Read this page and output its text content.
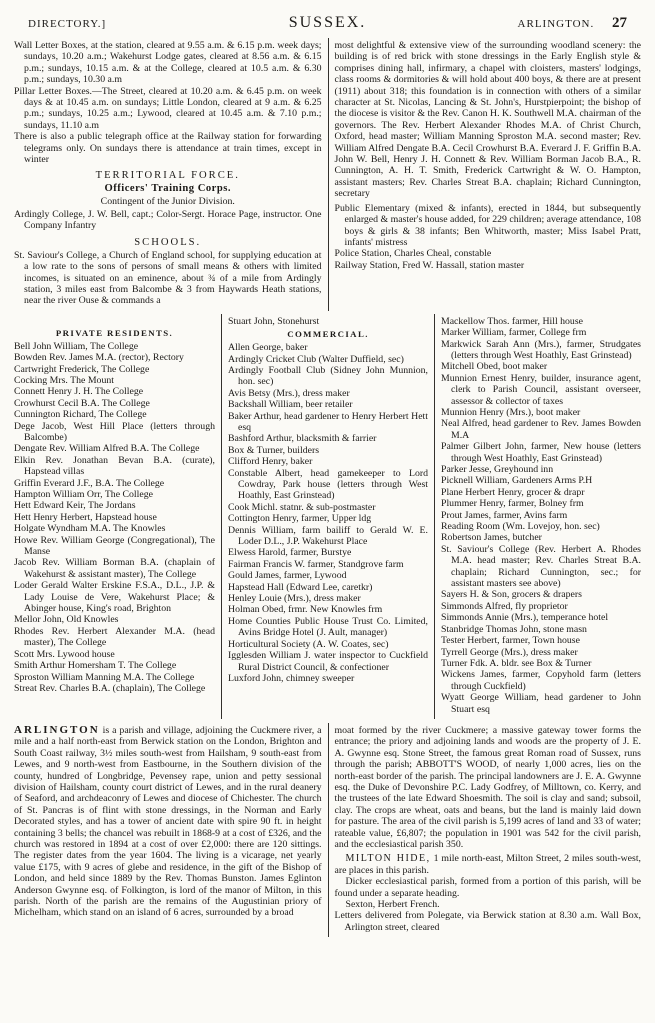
DIRECTORY.]	SUSSEX.	ARLINGTON. 27

Wall Letter Boxes, at the station, cleared at 9.55 a.m. & 6.15 p.m. week days; sundays, 10.20 a.m.; Wakehurst Lodge gates, cleared at 8.56 a.m. & 6.15 p.m.; sundays, 10.15 a.m. & at the College, cleared at 10.5 a.m. & 6.30 p.m.; sundays, 10.30 a.m

Pillar Letter Boxes.—The Street, cleared at 10.20 a.m. & 6.45 p.m. on week days & at 10.45 a.m. on sundays; Little London, cleared at 9 a.m. & 6.25 p.m.; sundays, 10.25 a.m.; Lywood, cleared at 10.45 a.m. & 7.10 p.m.; sundays, 11.10 a.m

There is also a public telegraph office at the Railway station for forwarding telegrams only. On sundays there is attendance at train times, except in winter

TERRITORIAL FORCE.
Officers' Training Corps.

Contingent of the Junior Division.

Ardingly College, J. W. Bell, capt.; Color-Sergt. Horace Page, instructor. One Company Infantry

SCHOOLS.

St. Saviour's College, a Church of England school, for supplying education at a low rate to the sons of persons of small means & others with limited incomes, is situated on an eminence, about ¾ of a mile from Ardingly station, 3 miles east from Balcombe & 3 from Haywards Heath stations, near the river Ouse & commands a

most delightful & extensive view of the surrounding woodland scenery: the building is of red brick with stone dressings in the Early English style & comprises dining hall, infirmary, a chapel with cloisters, masters' lodgings, class rooms & dormitories & will hold about 400 boys, & there are at present (1911) about 318; this foundation is in connection with others of a similar character at St. Nicolas, Lancing & St. John's, Hurstpierpoint; the bishop of the diocese is visitor & the Rev. Canon H. K. Southwell M.A. chairman of the governors. The Rev. Herbert Alexander Rhodes M.A. of Christ Church, Oxford, head master; William Manning Sproston M.A. second master; Rev. William Alfred Dengate B.A. Cecil Crowhurst B.A. Everard J. F. Griffin B.A. John W. Bell, Henry J. H. Connett & Rev. William Borman Jacob B.A., R. Cunnington, A. H. T. Smith, Frederick Cartwright & W. O. Hampton, assistant masters; Rev. Charles Streat B.A. chaplain; Richard Cunnington, secretary

Public Elementary (mixed & infants), erected in 1844, but subsequently enlarged & master's house added, for 229 children; average attendance, 108 boys & girls & 38 infants; Ben Whitworth, master; Miss Isabel Pratt, infants' mistress

Police Station, Charles Cheal, constable

Railway Station, Fred W. Hassall, station master

PRIVATE RESIDENTS.

Bell John William, The College

Bowden Rev. James M.A. (rector), Rectory

Cartwright Frederick, The College

Cocking Mrs. The Mount

Connett Henry J. H. The College

Crowhurst Cecil B.A. The College

Cunnington Richard, The College

Dege Jacob, West Hill Place (letters through Balcombe)

Dengate Rev. William Alfred B.A. The College

Elkin Rev. Jonathan Bevan B.A. (curate), Hapstead villas

Griffin Everard J.F., B.A. The College

Hampton William Orr, The College

Hett Edward Keir, The Jordans

Hett Henry Herbert, Hapstead house

Holgate Wyndham M.A. The Knowles

Howe Rev. William George (Congregational), The Manse

Jacob Rev. William Borman B.A. (chaplain of Wakehurst & assistant master), The College

Loder Gerald Walter Erskine F.S.A., D.L., J.P. & Lady Louise de Vere, Wakehurst Place; & Abinger house, King's road, Brighton

Mellor John, Old Knowles

Rhodes Rev. Herbert Alexander M.A. (head master), The College

Scott Mrs. Lywood house

Smith Arthur Homersham T. The College

Sproston William Manning M.A. The College

Streat Rev. Charles B.A. (chaplain), The College

Stuart John, Stonehurst

COMMERCIAL.

Allen George, baker

Ardingly Cricket Club (Walter Duffield, sec)

Ardingly Football Club (Sidney John Munnion, hon. sec)

Avis Betsy (Mrs.), dress maker

Backshall William, beer retailer

Baker Arthur, head gardener to Henry Herbert Hett esq

Bashford Arthur, blacksmith & farrier

Box & Turner, builders

Clifford Henry, baker

Constable Albert, head gamekeeper to Lord Cowdray, Park house (letters through West Hoathly, East Grinstead)

Cook Michl. statnr. & sub-postmaster

Cottington Henry, farmer, Upper ldg

Dennis William, farm bailiff to Gerald W. E. Loder D.L., J.P. Wakehurst Place

Elwess Harold, farmer, Burstye

Fairman Francis W. farmer, Standgrove farm

Gould James, farmer, Lywood

Hapstead Hall (Edward Lee, caretkr)

Henley Louie (Mrs.), dress maker

Holman Obed, frmr. New Knowles frm

Home Counties Public House Trust Co. Limited, Avins Bridge Hotel (J. Ault, manager)

Horticultural Society (A. W. Coates, sec)

Igglesden William J. water inspector to Cuckfield Rural District Council, & confectioner

Luxford John, chimney sweeper

Mackellow Thos. farmer, Hill house

Marker William, farmer, College frm

Markwick Sarah Ann (Mrs.), farmer, Strudgates (letters through West Hoathly, East Grinstead)

Mitchell Obed, boot maker

Munnion Ernest Henry, builder, insurance agent, clerk to Parish Council, assistant overseer, assessor & collector of taxes

Munnion Henry (Mrs.), boot maker

Neal Alfred, head gardener to Rev. James Bowden M.A

Palmer Gilbert John, farmer, New house (letters through West Hoathly, East Grinstead)

Parker Jesse, Greyhound inn

Picknell William, Gardeners Arms P.H

Plane Herbert Henry, grocer & drapr

Plummer Henry, farmer, Bolney frm

Prout James, farmer, Avins farm

Reading Room (Wm. Lovejoy, hon. sec)

Robertson James, butcher

St. Saviour's College (Rev. Herbert A. Rhodes M.A. head master; Rev. Charles Streat B.A. chaplain; Richard Cunnington, sec.; for assistant masters see above)

Sayers H. & Son, grocers & drapers

Simmonds Alfred, fly proprietor

Simmonds Annie (Mrs.), temperance hotel

Stanbridge Thomas John, stone masn

Tester Herbert, farmer, Town house

Tyrrell George (Mrs.), dress maker

Turner Fdk. A. bldr. see Box & Turner

Wickens James, farmer, Copyhold farm (letters through Cuckfield)

Wyatt George William, head gardener to John Stuart esq

ARLINGTON is a parish and village, adjoining the Cuckmere river, a mile and a half north-east from Berwick station on the London, Brighton and South Coast railway, 3½ miles south-west from Hailsham, 9 south-east from Lewes, and 9 north-west from Eastbourne, in the Southern division of the county, hundred of Longbridge, Pevensey rape, union and petty sessional division of Hailsham, county court district of Lewes, and in the rural deanery of Seaford, and archdeaconry of Lewes and diocese of Chichester. The church of St. Pancras is of flint with stone dressings, in the Norman and Early Decorated styles, and has a tower of ancient date with spire 90 ft. in height containing 3 bells; the chancel was rebuilt in 1868-9 at a cost of £326, and the church was restored in 1894 at a cost of over £2,000: there are 120 sittings. The register dates from the year 1604. The living is a vicarage, net yearly value £175, with 9 acres of glebe and residence, in the gift of the Bishop of London, and held since 1889 by the Rev. Thomas Bunston. James Eglinton Anderson Gwynne esq. of Folkington, is lord of the manor of Milton, in this parish. North of the parish are the remains of the Augustinian priory of Michelham, which stand on an island of 6 acres, surrounded by a broad

moat formed by the river Cuckmere; a massive gateway tower forms the entrance; the priory and adjoining lands and woods are the property of J. E. A. Gwynne esq. Stone Street, the famous great Roman road of Sussex, runs through the parish; ABBOTT'S WOOD, of nearly 1,000 acres, lies on the north-east border of the parish. The principal landowners are J. E. A. Gwynne esq. the Duke of Devonshire P.C. Lady Godfrey, of Milltown, co. Kerry, and the trustees of the late Edward Shoesmith. The soil is clay and sand; subsoil, clay. The crops are wheat, oats and beans, but the land is mainly laid down for pasture. The area of the civil parish is 5,199 acres of land and 33 of water; rateable value, £6,807; the population in 1901 was 542 for the civil parish, and the ecclesiastical parish 350.

MILTON HIDE, 1 mile north-east, Milton Street, 2 miles south-west, are places in this parish.

Dicker ecclesiastical parish, formed from a portion of this parish, will be found under a separate heading.

Sexton, Herbert French.

Letters delivered from Polegate, via Berwick station at 8.30 a.m. Wall Box, Arlington street, cleared
